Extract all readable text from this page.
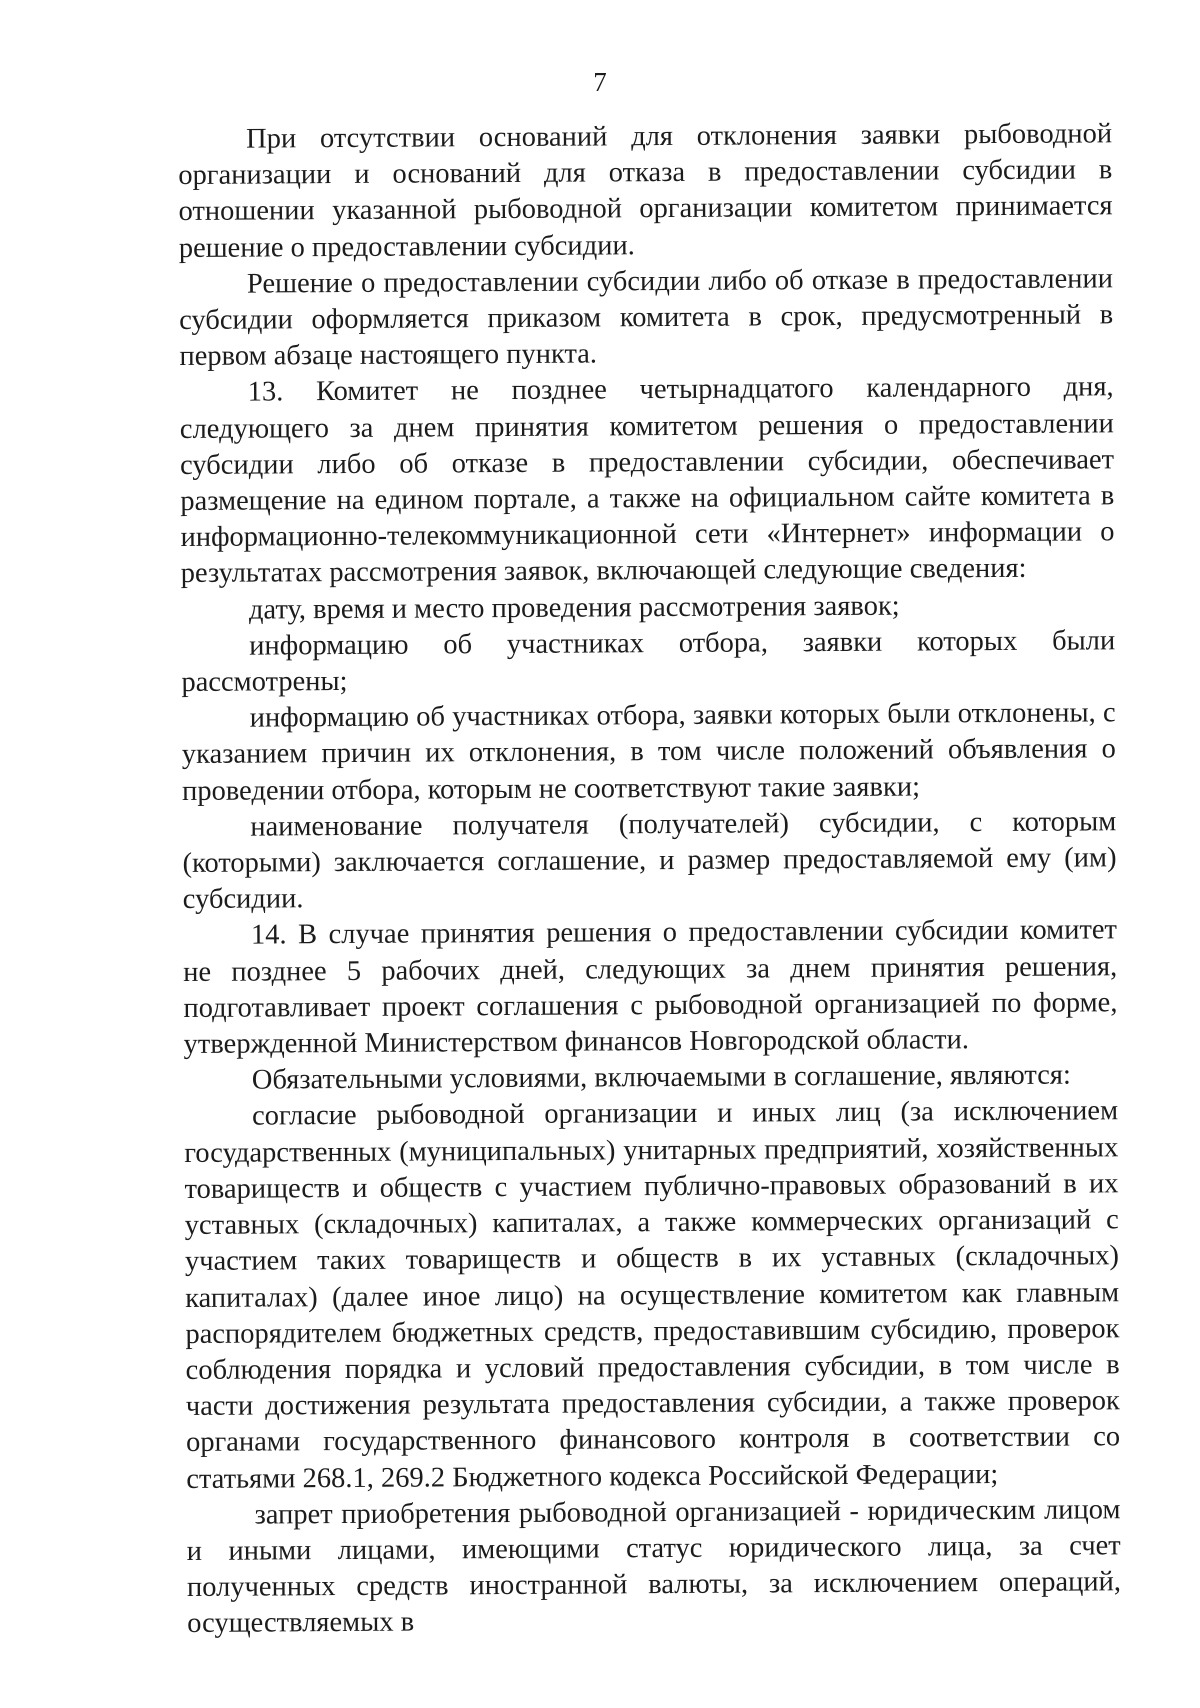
7

При отсутствии оснований для отклонения заявки рыбоводной организации и оснований для отказа в предоставлении субсидии в отношении указанной рыбоводной организации комитетом принимается решение о предоставлении субсидии.

Решение о предоставлении субсидии либо об отказе в предоставлении субсидии оформляется приказом комитета в срок, предусмотренный в первом абзаце настоящего пункта.

13. Комитет не позднее четырнадцатого календарного дня, следующего за днем принятия комитетом решения о предоставлении субсидии либо об отказе в предоставлении субсидии, обеспечивает размещение на едином портале, а также на официальном сайте комитета в информационно-телекоммуникационной сети «Интернет» информации о результатах рассмотрения заявок, включающей следующие сведения:

дату, время и место проведения рассмотрения заявок;

информацию об участниках отбора, заявки которых были рассмотрены;

информацию об участниках отбора, заявки которых были отклонены, с указанием причин их отклонения, в том числе положений объявления о проведении отбора, которым не соответствуют такие заявки;

наименование получателя (получателей) субсидии, с которым (которыми) заключается соглашение, и размер предоставляемой ему (им) субсидии.

14. В случае принятия решения о предоставлении субсидии комитет не позднее 5 рабочих дней, следующих за днем принятия решения, подготавливает проект соглашения с рыбоводной организацией по форме, утвержденной Министерством финансов Новгородской области.

Обязательными условиями, включаемыми в соглашение, являются:

согласие рыбоводной организации и иных лиц (за исключением государственных (муниципальных) унитарных предприятий, хозяйственных товариществ и обществ с участием публично-правовых образований в их уставных (складочных) капиталах, а также коммерческих организаций с участием таких товариществ и обществ в их уставных (складочных) капиталах) (далее иное лицо) на осуществление комитетом как главным распорядителем бюджетных средств, предоставившим субсидию, проверок соблюдения порядка и условий предоставления субсидии, в том числе в части достижения результата предоставления субсидии, а также проверок органами государственного финансового контроля в соответствии со статьями 268.1, 269.2 Бюджетного кодекса Российской Федерации;

запрет приобретения рыбоводной организацией - юридическим лицом и иными лицами, имеющими статус юридического лица, за счет полученных средств иностранной валюты, за исключением операций, осуществляемых в
